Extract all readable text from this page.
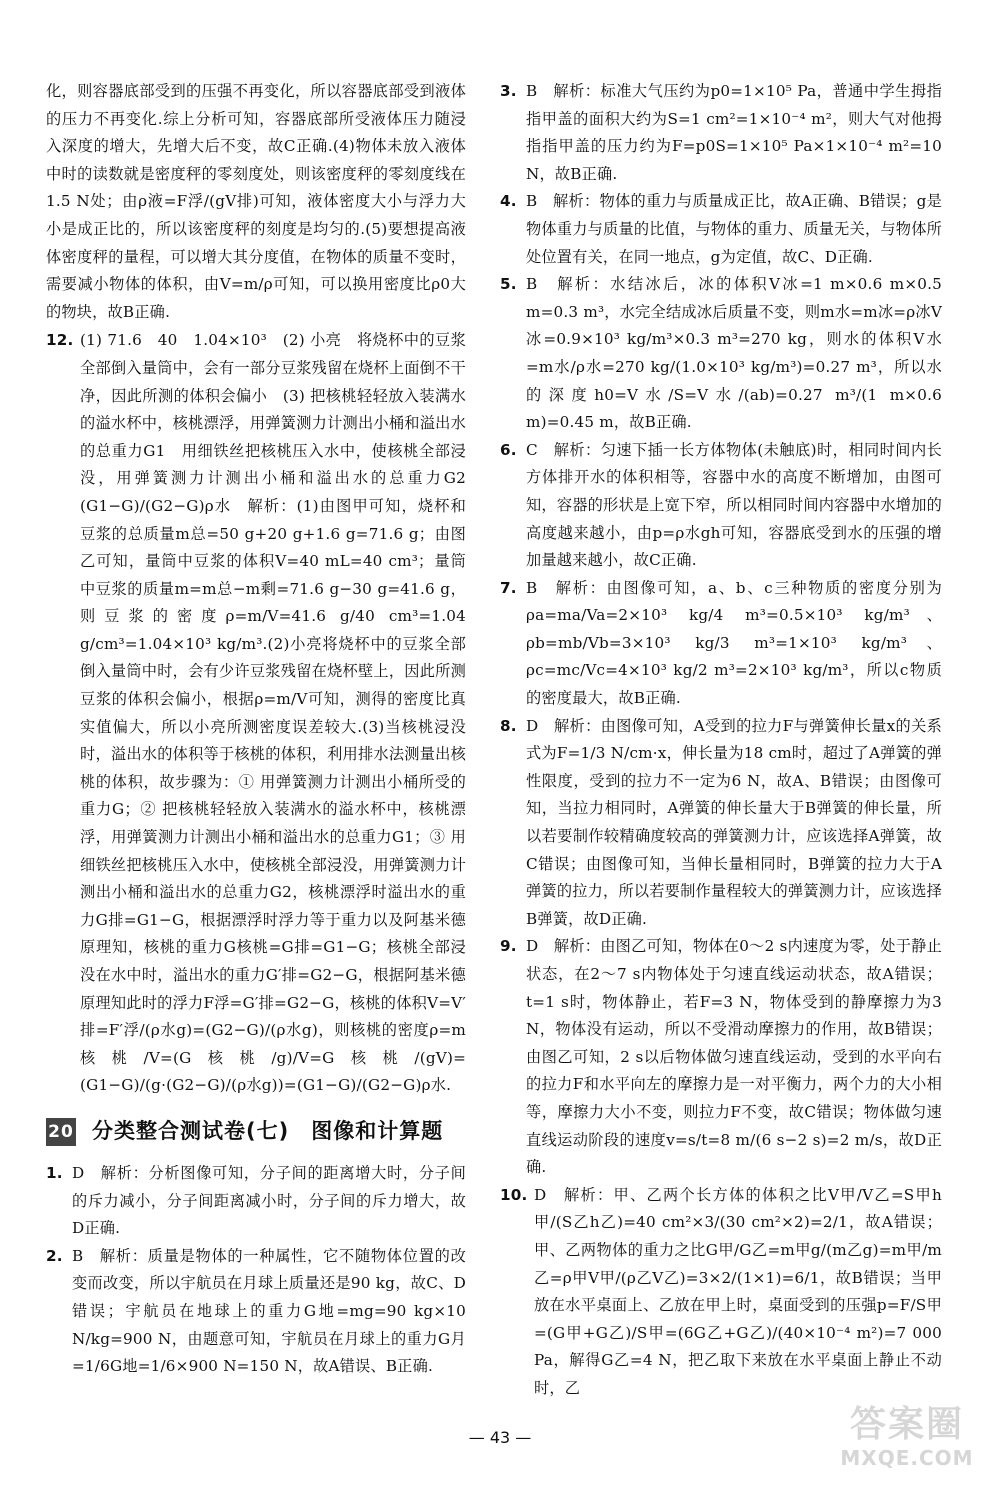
化，则容器底部受到的压强不再变化，所以容器底部受到液体的压力不再变化.综上分析可知，容器底部所受液体压力随浸入深度的增大，先增大后不变，故C正确.(4)物体未放入液体中时的读数就是密度秤的零刻度处，则该密度秤的零刻度线在1.5 N处；由ρ液=F浮/(gV排)可知，液体密度大小与浮力大小是成正比的，所以该密度秤的刻度是均匀的.(5)要想提高液体密度秤的量程，可以增大其分度值，在物体的质量不变时，需要减小物体的体积，由V=m/ρ可知，可以换用密度比ρ0大的物块，故B正确.

12. (1) 71.6　40　1.04×10³　(2) 小亮　将烧杯中的豆浆全部倒入量筒中，会有一部分豆浆残留在烧杯上面倒不干净，因此所测的体积会偏小　(3) 把核桃轻轻放入装满水的溢水杯中，核桃漂浮，用弹簧测力计测出小桶和溢出水的总重力G1　用细铁丝把核桃压入水中，使核桃全部浸没，用弹簧测力计测出小桶和溢出水的总重力G2　(G1−G)/(G2−G)ρ水　解析：(1)由图甲可知，烧杯和豆浆的总质量m总=50 g+20 g+1.6 g=71.6 g；由图乙可知，量筒中豆浆的体积V=40 mL=40 cm³；量筒中豆浆的质量m=m总−m剩=71.6 g−30 g=41.6 g，则豆浆的密度ρ=m/V=41.6 g/40 cm³=1.04 g/cm³=1.04×10³ kg/m³.(2)小亮将烧杯中的豆浆全部倒入量筒中时，会有少许豆浆残留在烧杯壁上，因此所测豆浆的体积会偏小，根据ρ=m/V可知，测得的密度比真实值偏大，所以小亮所测密度误差较大.(3)当核桃浸没时，溢出水的体积等于核桃的体积，利用排水法测量出核桃的体积，故步骤为：① 用弹簧测力计测出小桶所受的重力G；② 把核桃轻轻放入装满水的溢水杯中，核桃漂浮，用弹簧测力计测出小桶和溢出水的总重力G1；③ 用细铁丝把核桃压入水中，使核桃全部浸没，用弹簧测力计测出小桶和溢出水的总重力G2，核桃漂浮时溢出水的重力G排=G1−G，根据漂浮时浮力等于重力以及阿基米德原理知，核桃的重力G核桃=G排=G1−G；核桃全部浸没在水中时，溢出水的重力G′排=G2−G，根据阿基米德原理知此时的浮力F浮=G′排=G2−G，核桃的体积V=V′排=F′浮/(ρ水g)=(G2−G)/(ρ水g)，则核桃的密度ρ=m核桃/V=(G核桃/g)/V=G核桃/(gV)=(G1−G)/(g·(G2−G)/(ρ水g))=(G1−G)/(G2−G)ρ水.
20 分类整合测试卷(七)　图像和计算题
1. D　解析：分析图像可知，分子间的距离增大时，分子间的斥力减小，分子间距离减小时，分子间的斥力增大，故D正确.
2. B　解析：质量是物体的一种属性，它不随物体位置的改变而改变，所以宇航员在月球上质量还是90 kg，故C、D错误；宇航员在地球上的重力G地=mg=90 kg×10 N/kg=900 N，由题意可知，宇航员在月球上的重力G月=1/6G地=1/6×900 N=150 N，故A错误、B正确.
3. B　解析：标准大气压约为p0=1×10⁵ Pa，普通中学生拇指指甲盖的面积大约为S=1 cm²=1×10⁻⁴ m²，则大气对他拇指指甲盖的压力约为F=p0S=1×10⁵ Pa×1×10⁻⁴ m²=10 N，故B正确.
4. B　解析：物体的重力与质量成正比，故A正确、B错误；g是物体重力与质量的比值，与物体的重力、质量无关，与物体所处位置有关，在同一地点，g为定值，故C、D正确.
5. B　解析：水结冰后，冰的体积V冰=1 m×0.6 m×0.5 m=0.3 m³，水完全结成冰后质量不变，则m水=m冰=ρ冰V冰=0.9×10³ kg/m³×0.3 m³=270 kg，则水的体积V水=m水/ρ水=270 kg/(1.0×10³ kg/m³)=0.27 m³，所以水的深度h0=V水/S=V水/(ab)=0.27 m³/(1 m×0.6 m)=0.45 m，故B正确.
6. C　解析：匀速下插一长方体物体(未触底)时，相同时间内长方体排开水的体积相等，容器中水的高度不断增加，由图可知，容器的形状是上宽下窄，所以相同时间内容器中水增加的高度越来越小，由p=ρ水gh可知，容器底受到水的压强的增加量越来越小，故C正确.
7. B　解析：由图像可知，a、b、c三种物质的密度分别为ρa=ma/Va=2×10³ kg/4 m³=0.5×10³ kg/m³、ρb=mb/Vb=3×10³ kg/3 m³=1×10³ kg/m³、ρc=mc/Vc=4×10³ kg/2 m³=2×10³ kg/m³，所以c物质的密度最大，故B正确.
8. D　解析：由图像可知，A受到的拉力F与弹簧伸长量x的关系式为F=1/3 N/cm·x，伸长量为18 cm时，超过了A弹簧的弹性限度，受到的拉力不一定为6 N，故A、B错误；由图像可知，当拉力相同时，A弹簧的伸长量大于B弹簧的伸长量，所以若要制作较精确度较高的弹簧测力计，应该选择A弹簧，故C错误；由图像可知，当伸长量相同时，B弹簧的拉力大于A弹簧的拉力，所以若要制作量程较大的弹簧测力计，应该选择B弹簧，故D正确.
9. D　解析：由图乙可知，物体在0～2 s内速度为零，处于静止状态，在2～7 s内物体处于匀速直线运动状态，故A错误；t=1 s时，物体静止，若F=3 N，物体受到的静摩擦力为3 N，物体没有运动，所以不受滑动摩擦力的作用，故B错误；由图乙可知，2 s以后物体做匀速直线运动，受到的水平向右的拉力F和水平向左的摩擦力是一对平衡力，两个力的大小相等，摩擦力大小不变，则拉力F不变，故C错误；物体做匀速直线运动阶段的速度v=s/t=8 m/(6 s−2 s)=2 m/s，故D正确.
10. D　解析：甲、乙两个长方体的体积之比V甲/V乙=S甲h甲/(S乙h乙)=40 cm²×3/(30 cm²×2)=2/1，故A错误；甲、乙两物体的重力之比G甲/G乙=m甲g/(m乙g)=m甲/m乙=ρ甲V甲/(ρ乙V乙)=3×2/(1×1)=6/1，故B错误；当甲放在水平桌面上、乙放在甲上时，桌面受到的压强p=F/S甲=(G甲+G乙)/S甲=(6G乙+G乙)/(40×10⁻⁴ m²)=7 000 Pa，解得G乙=4 N，把乙取下来放在水平桌面上静止不动时，乙
— 43 —	答案圈
MXQE.COM
